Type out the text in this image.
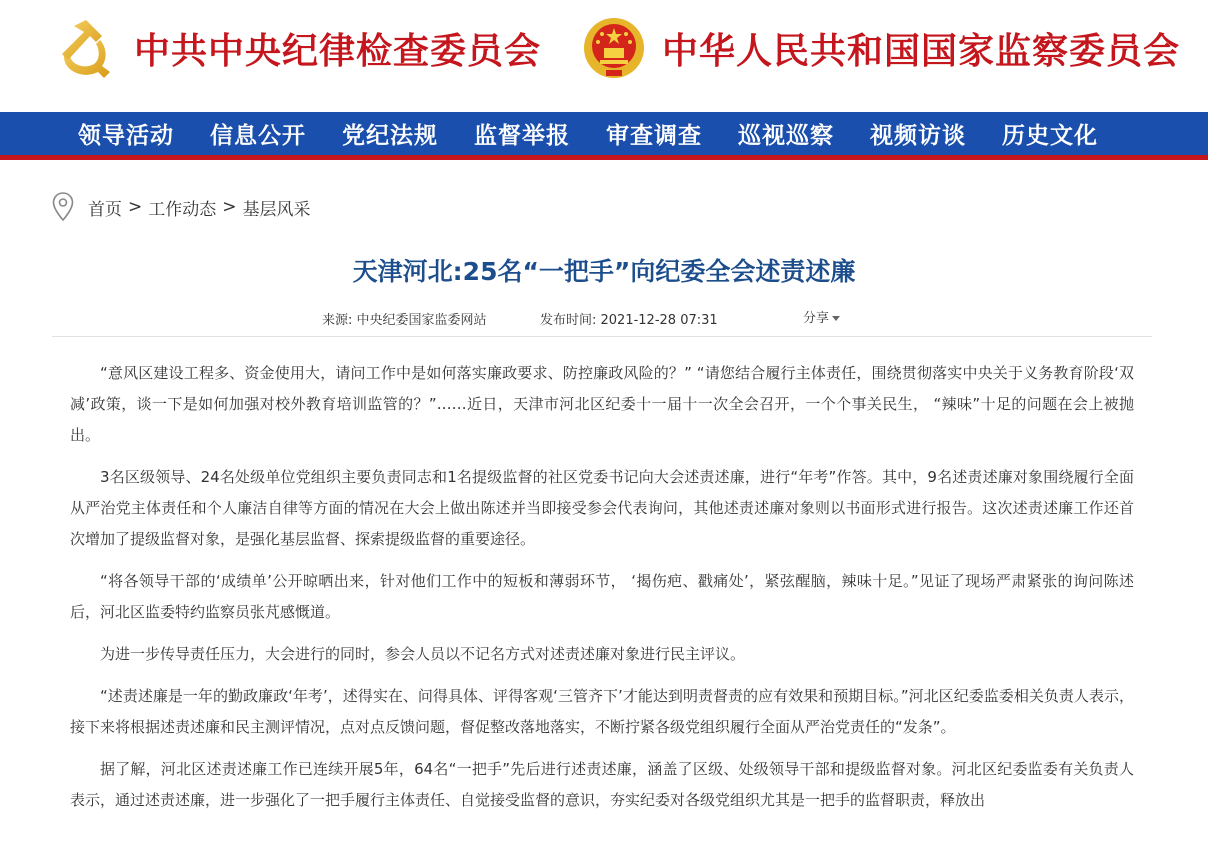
中共中央纪律检查委员会	中华人民共和国国家监察委员会
领导活动 信息公开 党纪法规 监督举报 审查调查 巡视巡察 视频访谈 历史文化
首页 > 工作动态 > 基层风采
天津河北:25名“一把手”向纪委全会述责述廉
来源: 中央纪委国家监委网站	发布时间: 2021-12-28 07:31	分享

“意风区建设工程多、资金使用大，请问工作中是如何落实廉政要求、防控廉政风险的？” “请您结合履行主体责任，围绕贯彻落实中央关于义务教育阶段‘双减’政策，谈一下是如何加强对校外教育培训监管的？”……近日，天津市河北区纪委十一届十一次全会召开，一个个事关民生， “辣味”十足的问题在会上被抛出。

3名区级领导、24名处级单位党组织主要负责同志和1名提级监督的社区党委书记向大会述责述廉，进行“年考”作答。其中，9名述责述廉对象围绕履行全面从严治党主体责任和个人廉洁自律等方面的情况在大会上做出陈述并当即接受参会代表询问，其他述责述廉对象则以书面形式进行报告。这次述责述廉工作还首次增加了提级监督对象，是强化基层监督、探索提级监督的重要途径。

“将各领导干部的‘成绩单’公开晾晒出来，针对他们工作中的短板和薄弱环节， ‘揭伤疤、戳痛处’，紧弦醒脑，辣味十足。”见证了现场严肃紧张的询问陈述后，河北区监委特约监察员张芃感慨道。

为进一步传导责任压力，大会进行的同时，参会人员以不记名方式对述责述廉对象进行民主评议。

“述责述廉是一年的勤政廉政‘年考’，述得实在、问得具体、评得客观‘三管齐下’才能达到明责督责的应有效果和预期目标。”河北区纪委监委相关负责人表示，接下来将根据述责述廉和民主测评情况，点对点反馈问题，督促整改落地落实，不断拧紧各级党组织履行全面从严治党责任的“发条”。

据了解，河北区述责述廉工作已连续开展5年，64名“一把手”先后进行述责述廉，涵盖了区级、处级领导干部和提级监督对象。河北区纪委监委有关负责人表示，通过述责述廉，进一步强化了一把手履行主体责任、自觉接受监督的意识，夯实纪委对各级党组织尤其是一把手的监督职责，释放出
